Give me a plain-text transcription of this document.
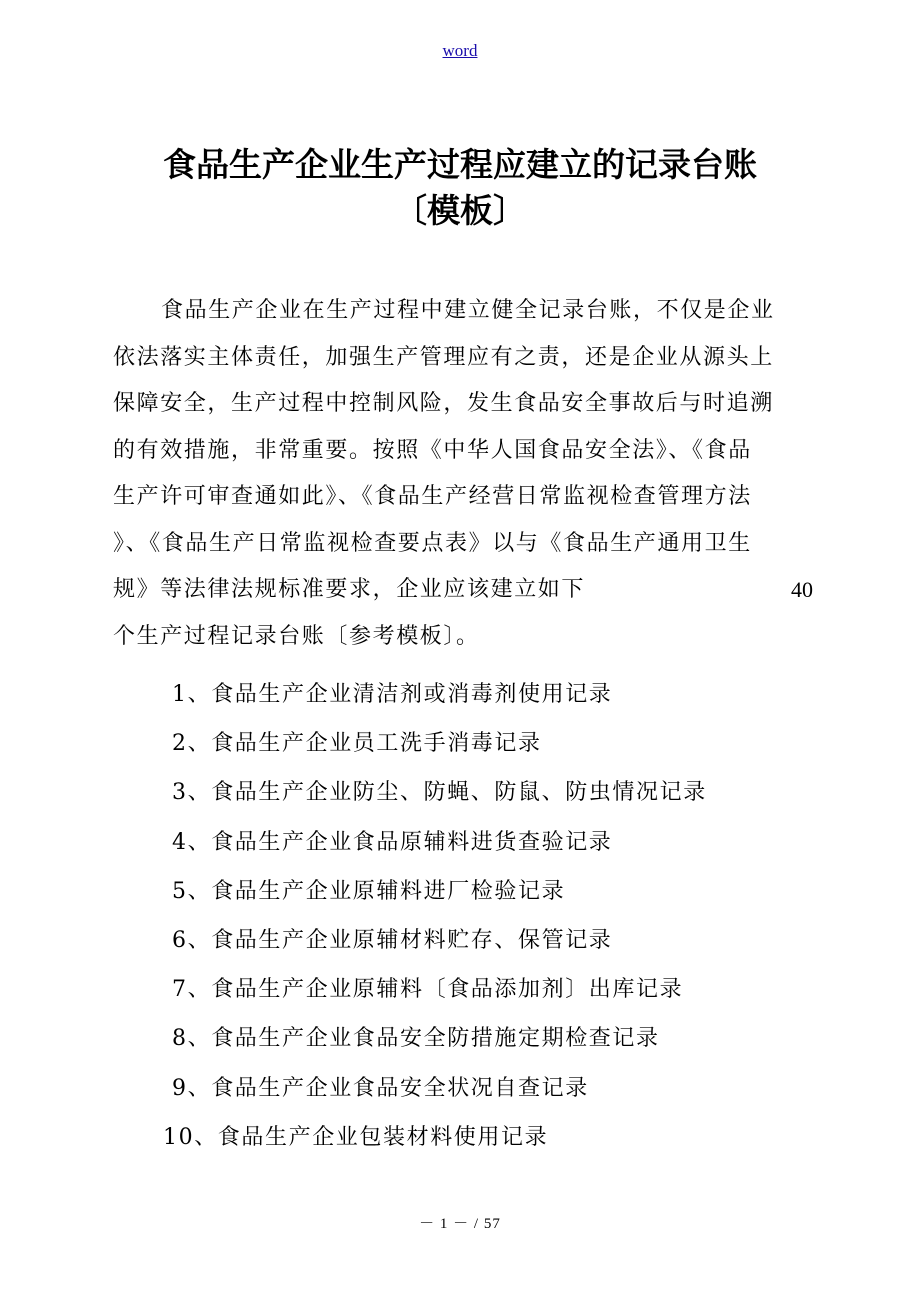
word
食品生产企业生产过程应建立的记录台账
〔模板〕
食品生产企业在生产过程中建立健全记录台账，不仅是企业
依法落实主体责任，加强生产管理应有之责，还是企业从源头上
保障安全，生产过程中控制风险，发生食品安全事故后与时追溯
的有效措施，非常重要。按照《中华人国食品安全法》、《食品
生产许可审查通如此》、《食品生产经营日常监视检查管理方法
》、《食品生产日常监视检查要点表》以与《食品生产通用卫生
规》等法律法规标准要求，企业应该建立如下	40
个生产过程记录台账〔参考模板〕。
1、食品生产企业清洁剂或消毒剂使用记录
2、食品生产企业员工洗手消毒记录
3、食品生产企业防尘、防蝇、防鼠、防虫情况记录
4、食品生产企业食品原辅料进货查验记录
5、食品生产企业原辅料进厂检验记录
6、食品生产企业原辅材料贮存、保管记录
7、食品生产企业原辅料〔食品添加剂〕出库记录
8、食品生产企业食品安全防措施定期检查记录
9、食品生产企业食品安全状况自查记录
10、食品生产企业包装材料使用记录
－ 1 － / 57
